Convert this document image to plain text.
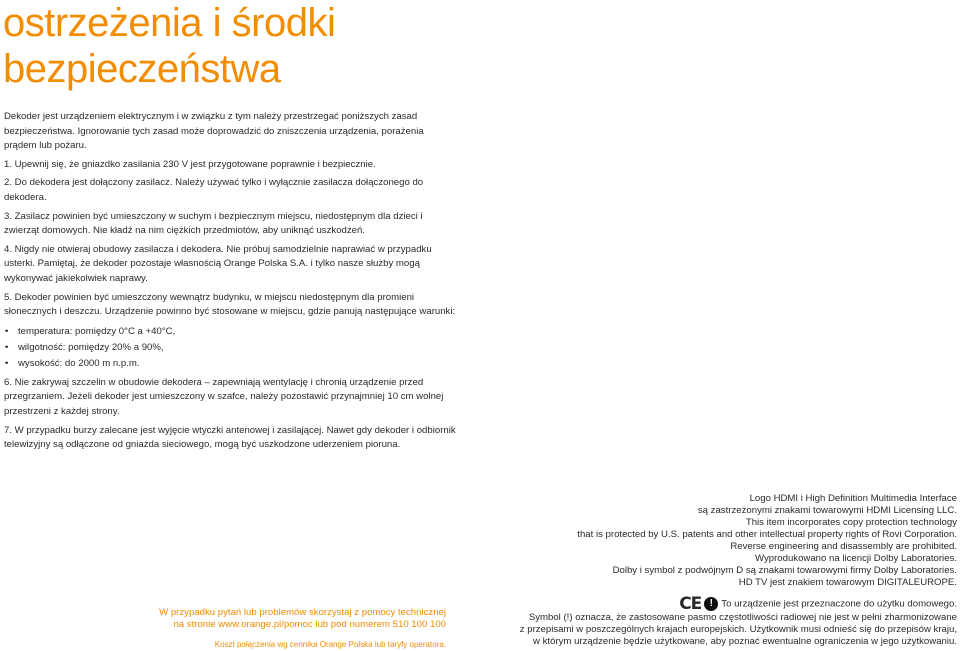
ostrzeżenia i środki
bezpieczeństwa

Dekoder jest urządzeniem elektrycznym i w związku z tym należy przestrzegać poniższych zasad bezpieczeństwa. Ignorowanie tych zasad może doprowadzić do zniszczenia urządzenia, porażenia prądem lub pożaru.

1. Upewnij się, że gniazdko zasilania 230 V jest przygotowane poprawnie i bezpiecznie.

2. Do dekodera jest dołączony zasilacz. Należy używać tylko i wyłącznie zasilacza dołączonego do dekodera.

3. Zasilacz powinien być umieszczony w suchym i bezpiecznym miejscu, niedostępnym dla dzieci i zwierząt domowych. Nie kładź na nim ciężkich przedmiotów, aby uniknąć uszkodzeń.

4. Nigdy nie otwieraj obudowy zasilacza i dekodera. Nie próbuj samodzielnie naprawiać w przypadku usterki. Pamiętaj, że dekoder pozostaje własnością Orange Polska S.A. i tylko nasze służby mogą wykonywać jakiekolwiek naprawy.

5. Dekoder powinien być umieszczony wewnątrz budynku, w miejscu niedostępnym dla promieni słonecznych i deszczu. Urządzenie powinno być stosowane w miejscu, gdzie panują następujące warunki:

• temperatura: pomiędzy 0°C a +40°C,
• wilgotność: pomiędzy 20% a 90%,
• wysokość: do 2000 m n.p.m.

6. Nie zakrywaj szczelin w obudowie dekodera – zapewniają wentylację i chronią urządzenie przed przegrzaniem. Jeżeli dekoder jest umieszczony w szafce, należy pozostawić przynajmniej 10 cm wolnej przestrzeni z każdej strony.

7. W przypadku burzy zalecane jest wyjęcie wtyczki antenowej i zasilającej. Nawet gdy dekoder i odbiornik telewizyjny są odłączone od gniazda sieciowego, mogą być uszkodzone uderzeniem pioruna.

Logo HDMI i High Definition Multimedia Interface
są zastrzeżonymi znakami towarowymi HDMI Licensing LLC.
This item incorporates copy protection technology
that is protected by U.S. patents and other intellectual property rights of Rovi Corporation.
Reverse engineering and disassembly are prohibited.
Wyprodukowano na licencji Dolby Laboratories.
Dolby i symbol z podwójnym D są znakami towarowymi firmy Dolby Laboratories.
HD TV jest znakiem towarowym DIGITALEUROPE.
CE ! To urządzenie jest przeznaczone do użytku domowego.
Symbol (!) oznacza, że zastosowane pasmo częstotliwości radiowej nie jest w pełni zharmonizowane
z przepisami w poszczególnych krajach europejskich. Użytkownik musi odnieść się do przepisów kraju,
w którym urządzenie będzie użytkowane, aby poznać ewentualne ograniczenia w jego użytkowaniu.
W przypadku pytań lub problemów skorzystaj z pomocy technicznej
na stronie www.orange.pl/pomoc lub pod numerem 510 100 100
Koszt połączenia wg cennika Orange Polska lub taryfy operatora.
